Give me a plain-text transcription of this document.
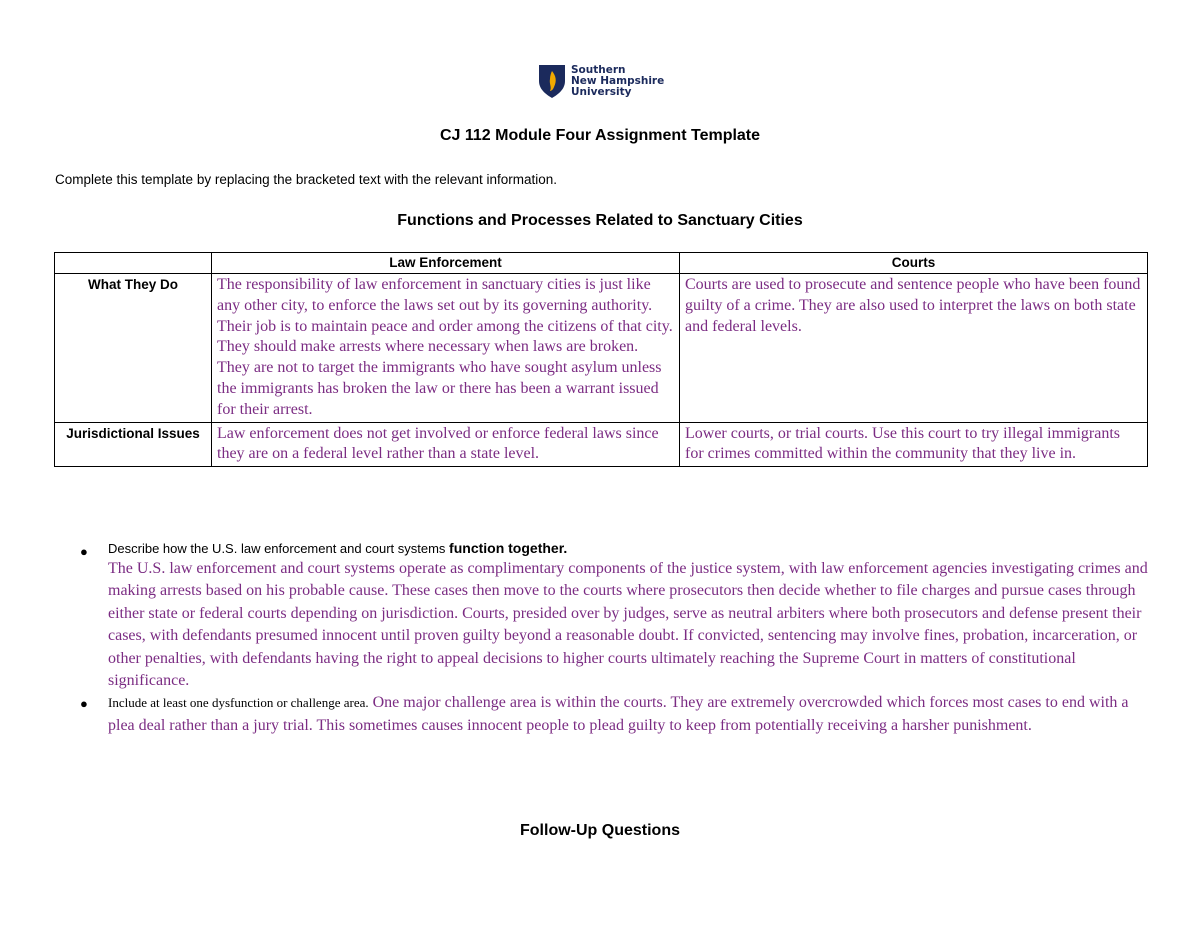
Southern
New Hampshire
University
CJ 112 Module Four Assignment Template
Complete this template by replacing the bracketed text with the relevant information.
Functions and Processes Related to Sanctuary Cities
	Law Enforcement	Courts
What They Do	The responsibility of law enforcement in sanctuary cities is just like any other city, to enforce the laws set out by its governing authority. Their job is to maintain peace and order among the citizens of that city. They should make arrests where necessary when laws are broken. They are not to target the immigrants who have sought asylum unless the immigrants has broken the law or there has been a warrant issued for their arrest.	Courts are used to prosecute and sentence people who have been found guilty of a crime. They are also used to interpret the laws on both state and federal levels.
Jurisdictional Issues	Law enforcement does not get involved or enforce federal laws since they are on a federal level rather than a state level.	Lower courts, or trial courts. Use this court to try illegal immigrants for crimes committed within the community that they live in.
● Describe how the U.S. law enforcement and court systems function together.
The U.S. law enforcement and court systems operate as complimentary components of the justice system, with law enforcement agencies investigating crimes and making arrests based on his probable cause. These cases then move to the courts where prosecutors then decide whether to file charges and pursue cases through either state or federal courts depending on jurisdiction. Courts, presided over by judges, serve as neutral arbiters where both prosecutors and defense present their cases, with defendants presumed innocent until proven guilty beyond a reasonable doubt. If convicted, sentencing may involve fines, probation, incarceration, or other penalties, with defendants having the right to appeal decisions to higher courts ultimately reaching the Supreme Court in matters of constitutional significance.
● Include at least one dysfunction or challenge area. One major challenge area is within the courts. They are extremely overcrowded which forces most cases to end with a plea deal rather than a jury trial. This sometimes causes innocent people to plead guilty to keep from potentially receiving a harsher punishment.
Follow-Up Questions
